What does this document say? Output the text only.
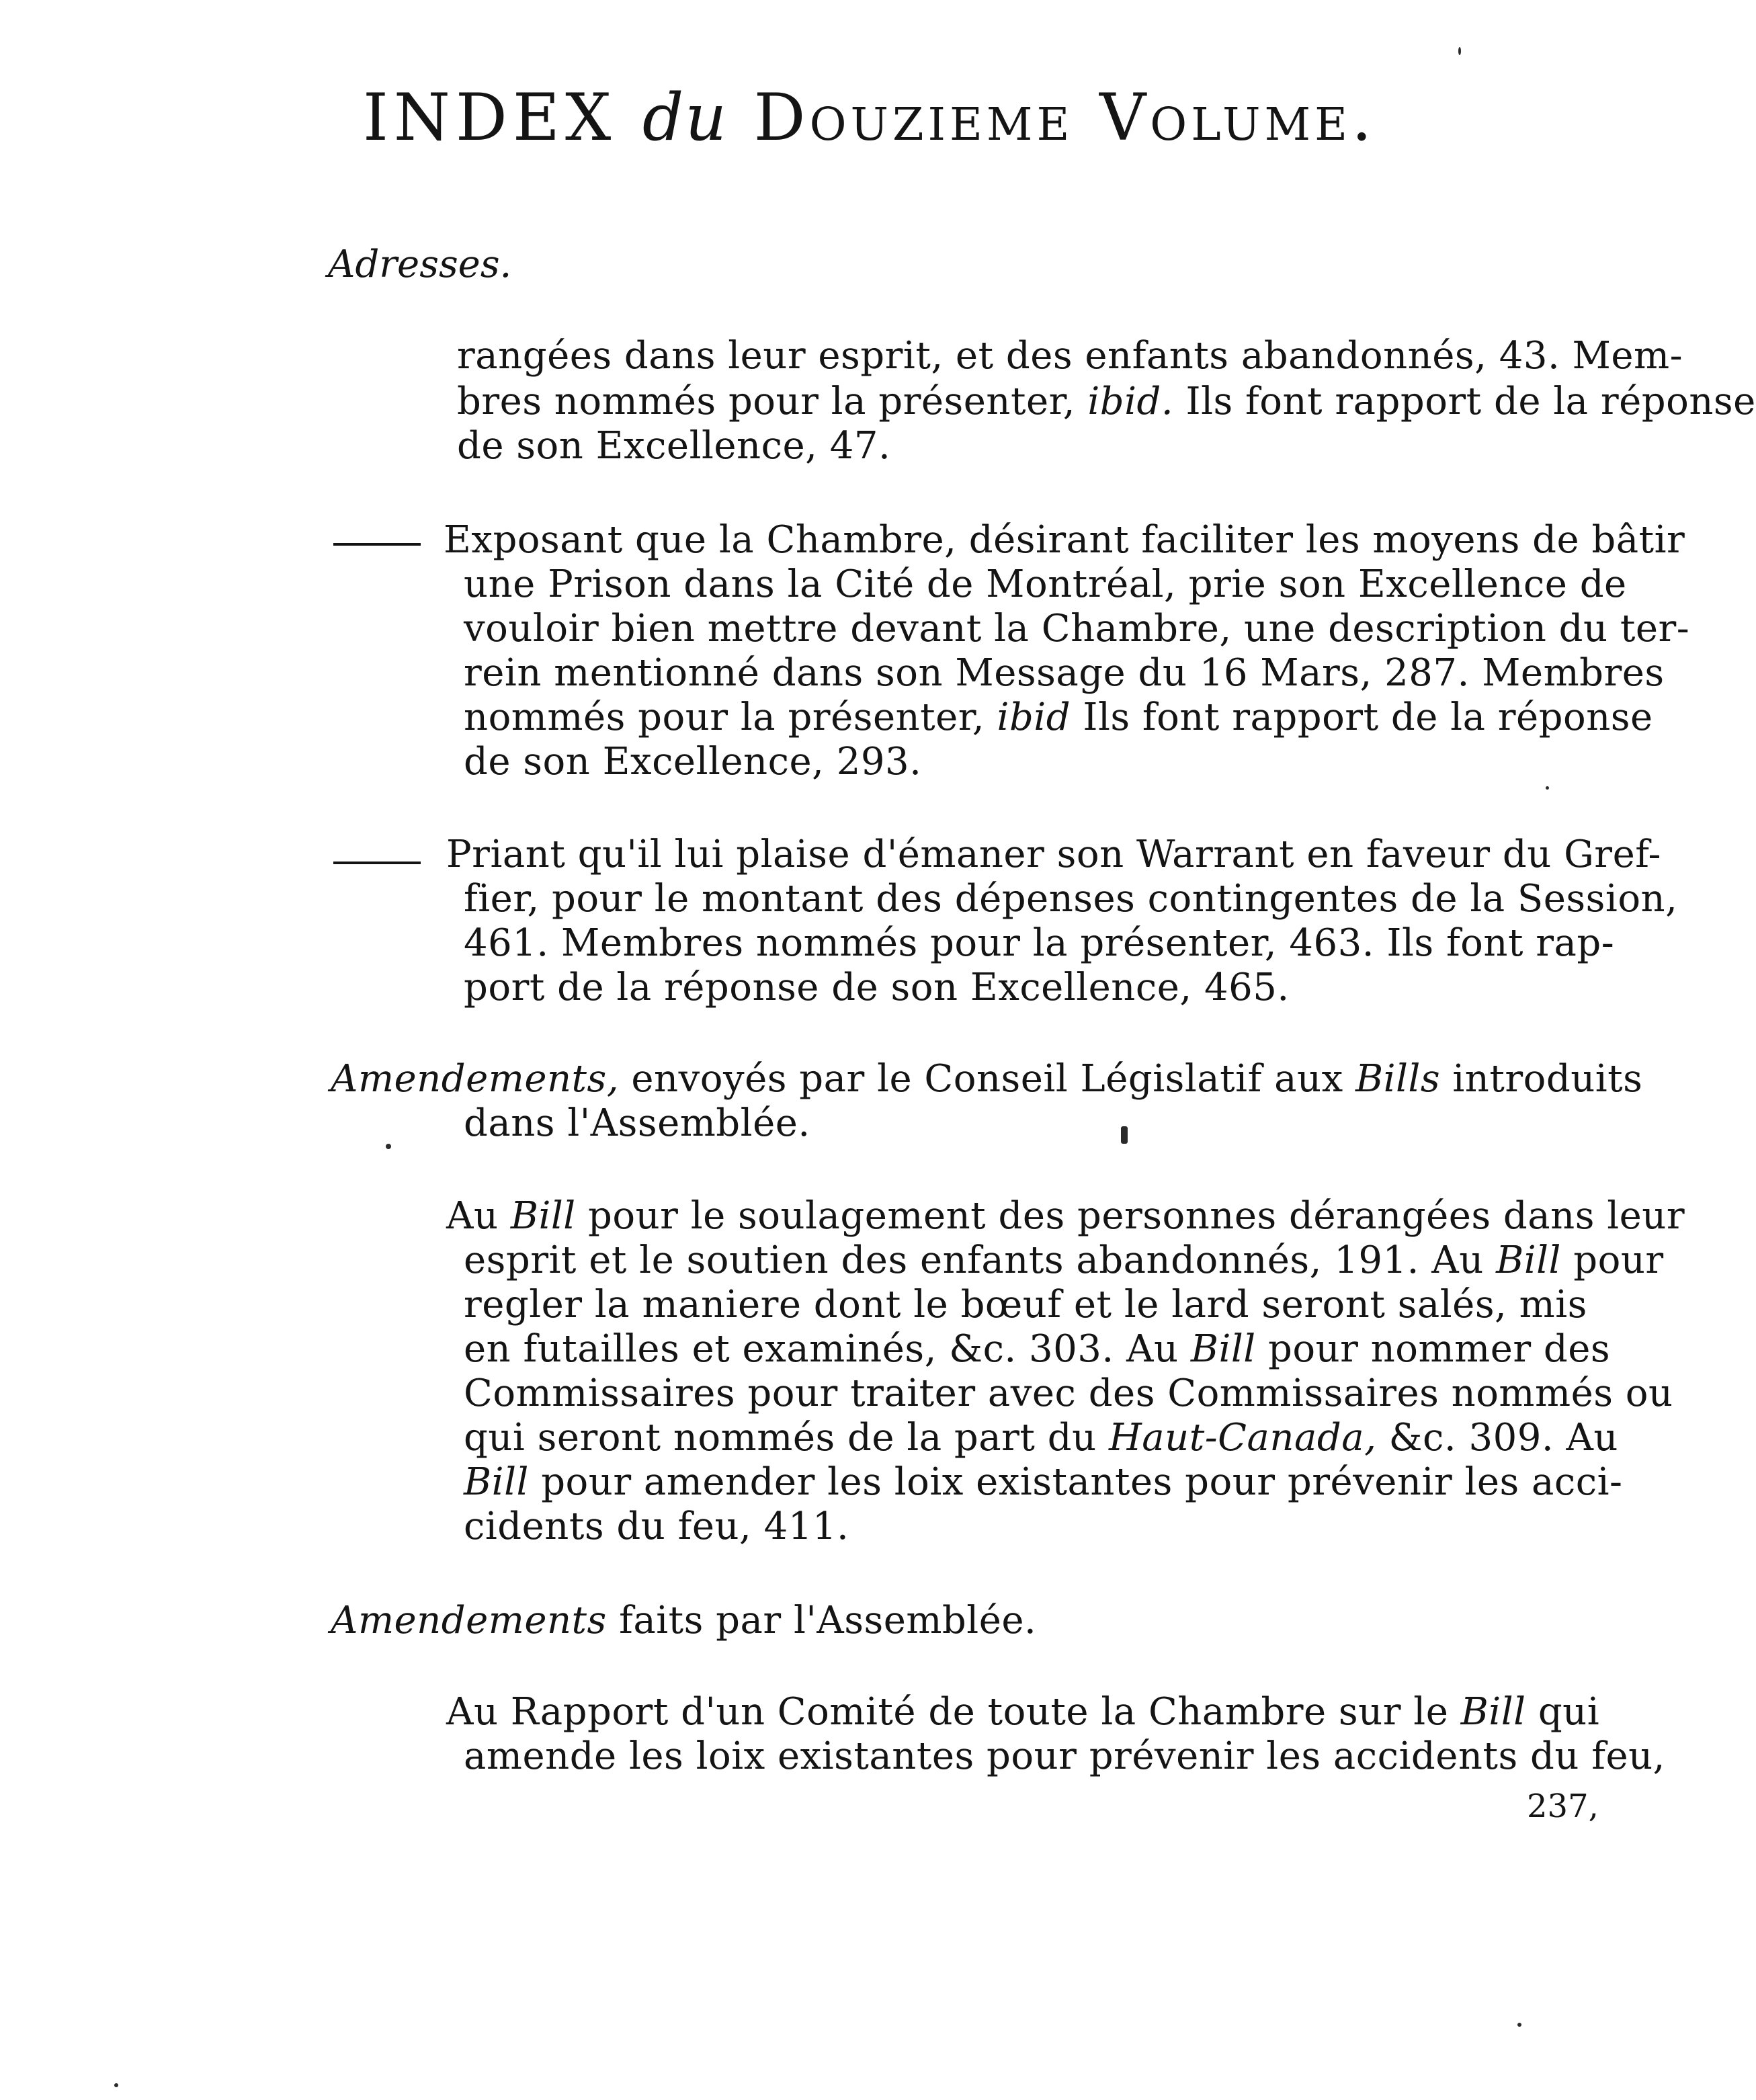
INDEX du Douzieme Volume.
Adresses.
rangées dans leur esprit, et des enfants abandonnés, 43. Mem-
bres nommés pour la présenter, ibid. Ils font rapport de la réponse
de son Excellence, 47.
Exposant que la Chambre, désirant faciliter les moyens de bâtir
une Prison dans la Cité de Montréal, prie son Excellence de
vouloir bien mettre devant la Chambre, une description du ter-
rein mentionné dans son Message du 16 Mars, 287. Membres
nommés pour la présenter, ibid Ils font rapport de la réponse
de son Excellence, 293.
Priant qu'il lui plaise d'émaner son Warrant en faveur du Gref-
fier, pour le montant des dépenses contingentes de la Session,
461. Membres nommés pour la présenter, 463. Ils font rap-
port de la réponse de son Excellence, 465.
Amendements, envoyés par le Conseil Législatif aux Bills introduits
dans l'Assemblée.
Au Bill pour le soulagement des personnes dérangées dans leur
esprit et le soutien des enfants abandonnés, 191. Au Bill pour
regler la maniere dont le bœuf et le lard seront salés, mis
en futailles et examinés, &c. 303. Au Bill pour nommer des
Commissaires pour traiter avec des Commissaires nommés ou
qui seront nommés de la part du Haut-Canada, &c. 309. Au
Bill pour amender les loix existantes pour prévenir les acci-
cidents du feu, 411.
Amendements faits par l'Assemblée.
Au Rapport d'un Comité de toute la Chambre sur le Bill qui
amende les loix existantes pour prévenir les accidents du feu,
237,
